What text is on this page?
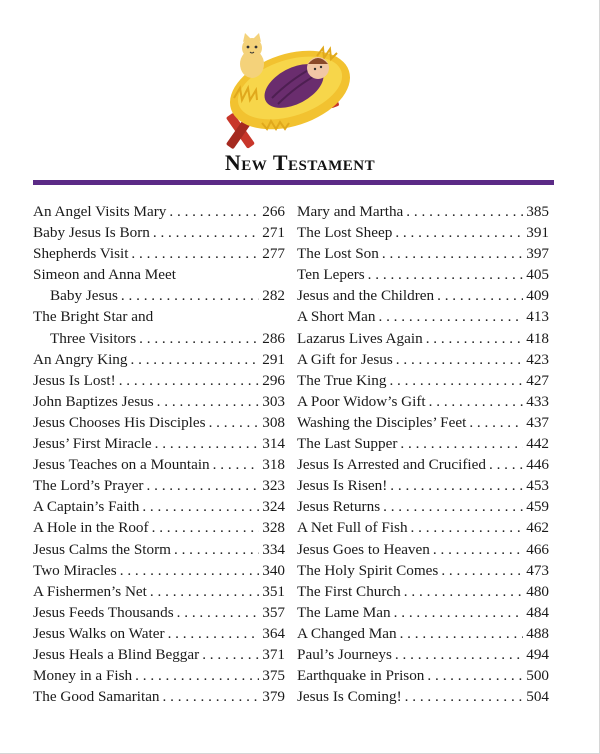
New Testament
An Angel Visits Mary . . .	266
Baby Jesus Is Born . . .	271
Shepherds Visit . . .	277
Simeon and Anna Meet
Baby Jesus . . .	282
The Bright Star and
Three Visitors . . .	286
An Angry King . . .	291
Jesus Is Lost! . . .	296
John Baptizes Jesus . . .	303
Jesus Chooses His Disciples . . .	308
Jesus’ First Miracle . . .	314
Jesus Teaches on a Mountain . . .	318
The Lord’s Prayer . . .	323
A Captain’s Faith . . .	324
A Hole in the Roof . . .	328
Jesus Calms the Storm . . .	334
Two Miracles . . .	340
A Fishermen’s Net . . .	351
Jesus Feeds Thousands . . .	357
Jesus Walks on Water . . .	364
Jesus Heals a Blind Beggar . . .	371
Money in a Fish . . .	375
The Good Samaritan . . .	379
Mary and Martha . . .	385
The Lost Sheep . . .	391
The Lost Son . . .	397
Ten Lepers . . .	405
Jesus and the Children . . .	409
A Short Man . . .	413
Lazarus Lives Again . . .	418
A Gift for Jesus . . .	423
The True King . . .	427
A Poor Widow’s Gift . . .	433
Washing the Disciples’ Feet . . .	437
The Last Supper . . .	442
Jesus Is Arrested and Crucified . . .	446
Jesus Is Risen! . . .	453
Jesus Returns . . .	459
A Net Full of Fish . . .	462
Jesus Goes to Heaven . . .	466
The Holy Spirit Comes . . .	473
The First Church . . .	480
The Lame Man . . .	484
A Changed Man . . .	488
Paul’s Journeys . . .	494
Earthquake in Prison . . .	500
Jesus Is Coming! . . .	504
